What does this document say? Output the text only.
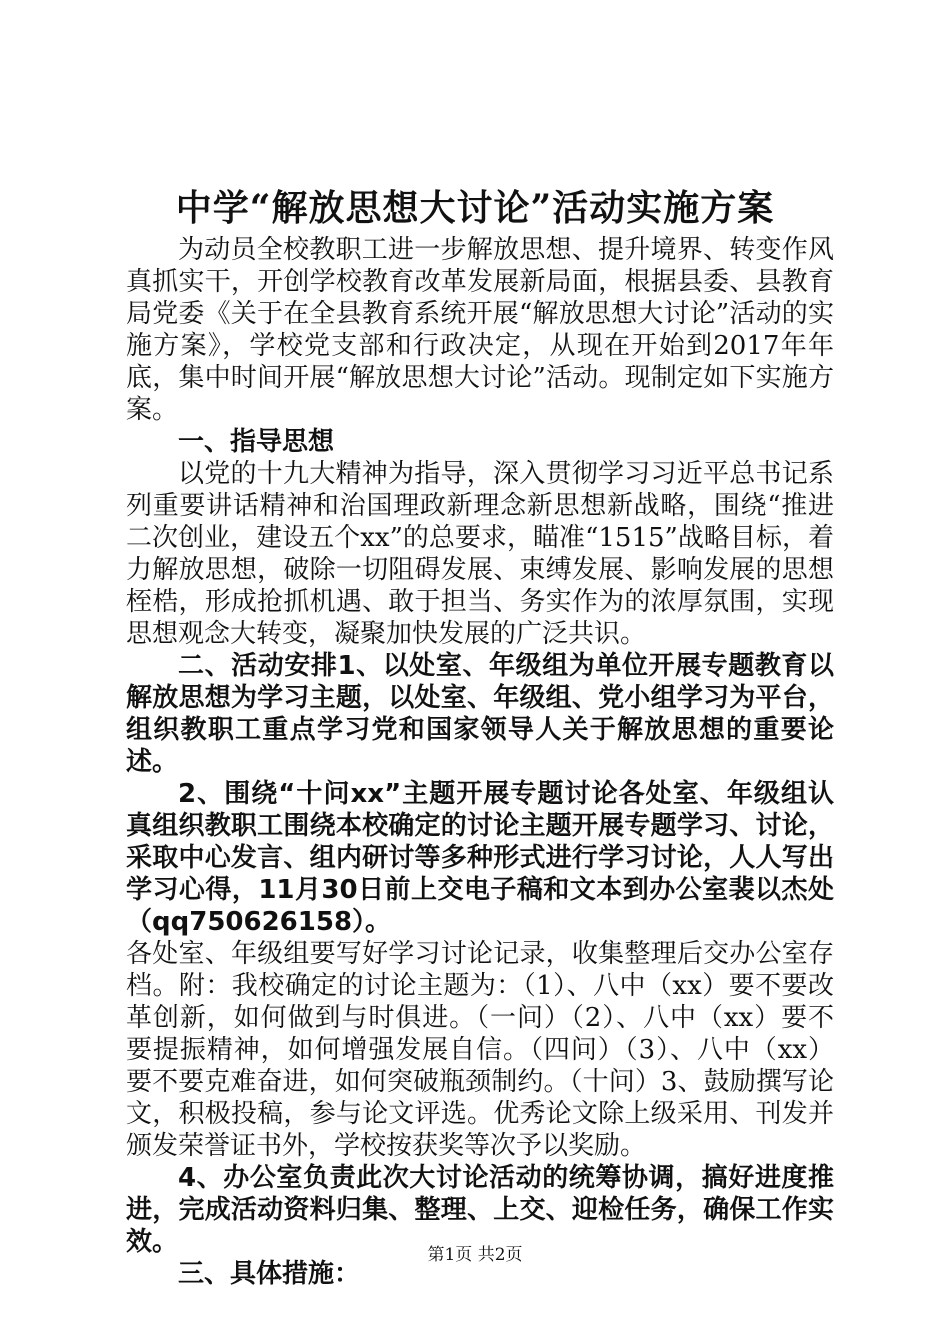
中学“解放思想大讨论”活动实施方案

为动员全校教职工进一步解放思想、提升境界、转变作风真抓实干，开创学校教育改革发展新局面，根据县委、县教育局党委《关于在全县教育系统开展“解放思想大讨论”活动的实施方案》，学校党支部和行政决定，从现在开始到2017年年底，集中时间开展“解放思想大讨论”活动。现制定如下实施方案。

一、指导思想

以党的十九大精神为指导，深入贯彻学习习近平总书记系列重要讲话精神和治国理政新理念新思想新战略，围绕“推进二次创业，建设五个xx”的总要求，瞄准“1515”战略目标，着力解放思想，破除一切阻碍发展、束缚发展、影响发展的思想桎梏，形成抢抓机遇、敢于担当、务实作为的浓厚氛围，实现思想观念大转变，凝聚加快发展的广泛共识。

二、活动安排1、以处室、年级组为单位开展专题教育以解放思想为学习主题，以处室、年级组、党小组学习为平台，组织教职工重点学习党和国家领导人关于解放思想的重要论述。

2、围绕“十问xx”主题开展专题讨论各处室、年级组认真组织教职工围绕本校确定的讨论主题开展专题学习、讨论，采取中心发言、组内研讨等多种形式进行学习讨论，人人写出学习心得，11月30日前上交电子稿和文本到办公室裴以杰处（qq750626158）。

各处室、年级组要写好学习讨论记录，收集整理后交办公室存档。附：我校确定的讨论主题为：（1）、八中（xx）要不要改革创新，如何做到与时俱进。（一问）（2）、八中（xx）要不要提振精神，如何增强发展自信。（四问）（3）、八中（xx）要不要克难奋进，如何突破瓶颈制约。（十问）3、鼓励撰写论文，积极投稿，参与论文评选。优秀论文除上级采用、刊发并颁发荣誉证书外，学校按获奖等次予以奖励。

4、办公室负责此次大讨论活动的统筹协调，搞好进度推进，完成活动资料归集、整理、上交、迎检任务，确保工作实效。

三、具体措施：

第1页 共2页
